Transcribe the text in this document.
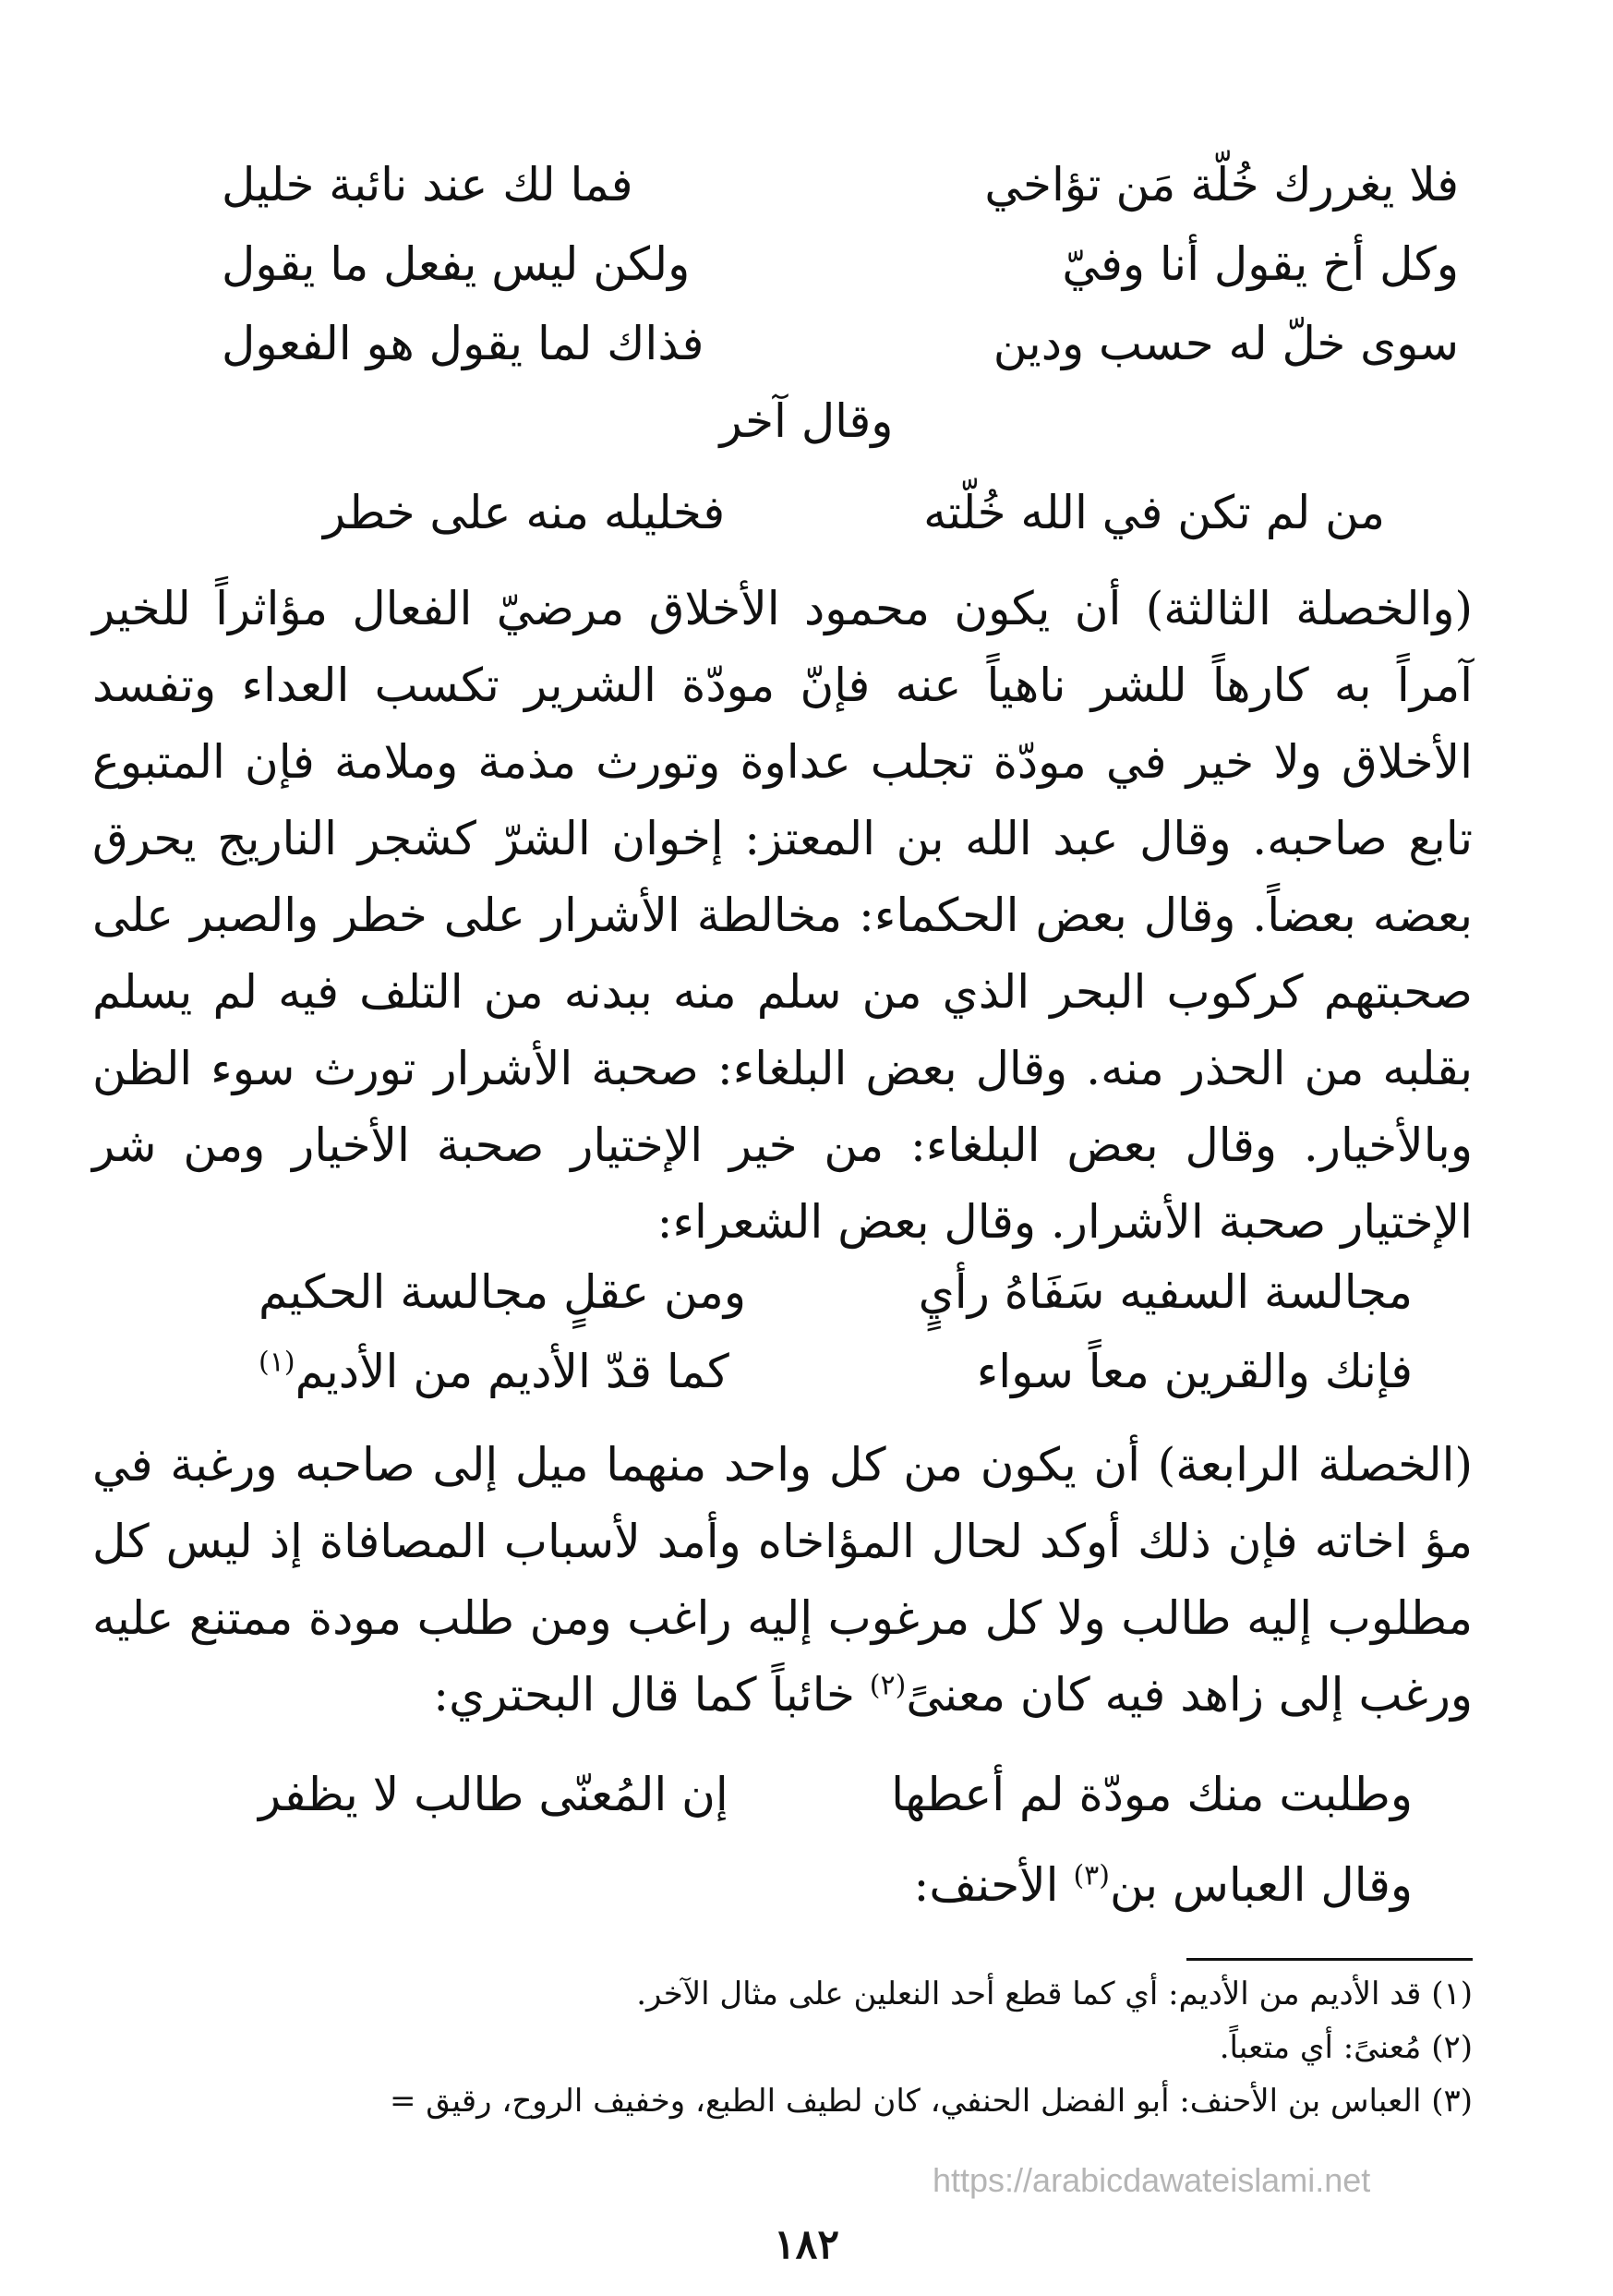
فلا يغررك خُلّة مَن تؤاخي
فما لك عند نائبة خليل
وكل أخ يقول أنا وفيّ
ولكن ليس يفعل ما يقول
سوى خلّ له حسب ودين
فذاك لما يقول هو الفعول
وقال آخر
من لم تكن في الله خُلّته
فخليله منه على خطر

(والخصلة الثالثة) أن يكون محمود الأخلاق مرضيّ الفعال مؤاثراً للخير آمراً به كارهاً للشر ناهياً عنه فإنّ مودّة الشرير تكسب العداء وتفسد الأخلاق ولا خير في مودّة تجلب عداوة وتورث مذمة وملامة فإن المتبوع تابع صاحبه. وقال عبد الله بن المعتز: إخوان الشرّ كشجر الناريج يحرق بعضه بعضاً. وقال بعض الحكماء: مخالطة الأشرار على خطر والصبر على صحبتهم كركوب البحر الذي من سلم منه ببدنه من التلف فيه لم يسلم بقلبه من الحذر منه. وقال بعض البلغاء: صحبة الأشرار تورث سوء الظن وبالأخيار. وقال بعض البلغاء: من خير الإختيار صحبة الأخيار ومن شر الإختيار صحبة الأشرار. وقال بعض الشعراء:

مجالسة السفيه سَفَاهُ رأيٍ
ومن عقلٍ مجالسة الحكيم
فإنك والقرين معاً سواء
كما قدّ الأديم من الأديم$^{(١)}$

(الخصلة الرابعة) أن يكون من كل واحد منهما ميل إلى صاحبه ورغبة في مؤ اخاته فإن ذلك أوكد لحال المؤاخاه وأمد لأسباب المصافاة إذ ليس كل مطلوب إليه طالب ولا كل مرغوب إليه راغب ومن طلب مودة ممتنع عليه ورغب إلى زاهد فيه كان معنىً$^{(٢)}$ خائباً كما قال البحتري:

وطلبت منك مودّة لم أعطها
إن المُعنّى طالب لا يظفر
وقال العباس بن$^{(٣)}$ الأحنف:
(١) قد الأديم من الأديم: أي كما قطع أحد النعلين على مثال الآخر.
(٢) مُعنىً: أي متعباً.
(٣) العباس بن الأحنف: أبو الفضل الحنفي، كان لطيف الطبع، وخفيف الروح، رقيق =
https://arabicdawateislami.net
١٨٢
